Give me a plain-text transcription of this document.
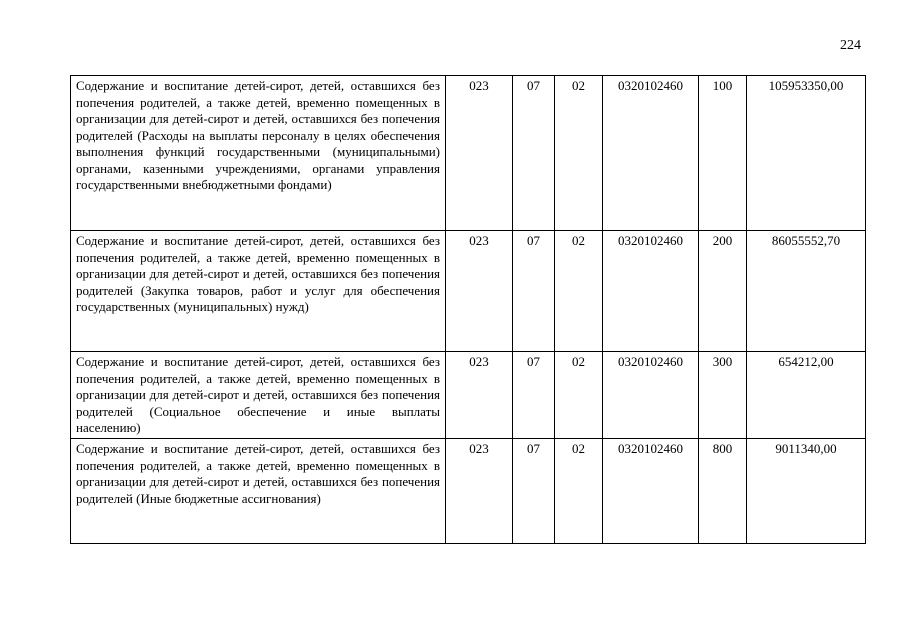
224
Содержание и воспитание детей-сирот, детей, оставшихся без попечения родителей, а также детей, временно помещенных в организации для детей-сирот и детей, оставшихся без попечения родителей (Расходы на выплаты персоналу в целях обеспечения выполнения функций государственными (муниципальными) органами, казенными учреждениями, органами управления государственными внебюджетными фондами)	023	07	02	0320102460	100	105953350,00
Содержание и воспитание детей-сирот, детей, оставшихся без попечения родителей, а также детей, временно помещенных в организации для детей-сирот и детей, оставшихся без попечения родителей (Закупка товаров, работ и услуг для обеспечения государственных (муниципальных) нужд)	023	07	02	0320102460	200	86055552,70
Содержание и воспитание детей-сирот, детей, оставшихся без попечения родителей, а также детей, временно помещенных в организации для детей-сирот и детей, оставшихся без попечения родителей (Социальное обеспечение и иные выплаты населению)	023	07	02	0320102460	300	654212,00
Содержание и воспитание детей-сирот, детей, оставшихся без попечения родителей, а также детей, временно помещенных в организации для детей-сирот и детей, оставшихся без попечения родителей (Иные бюджетные ассигнования)	023	07	02	0320102460	800	9011340,00
